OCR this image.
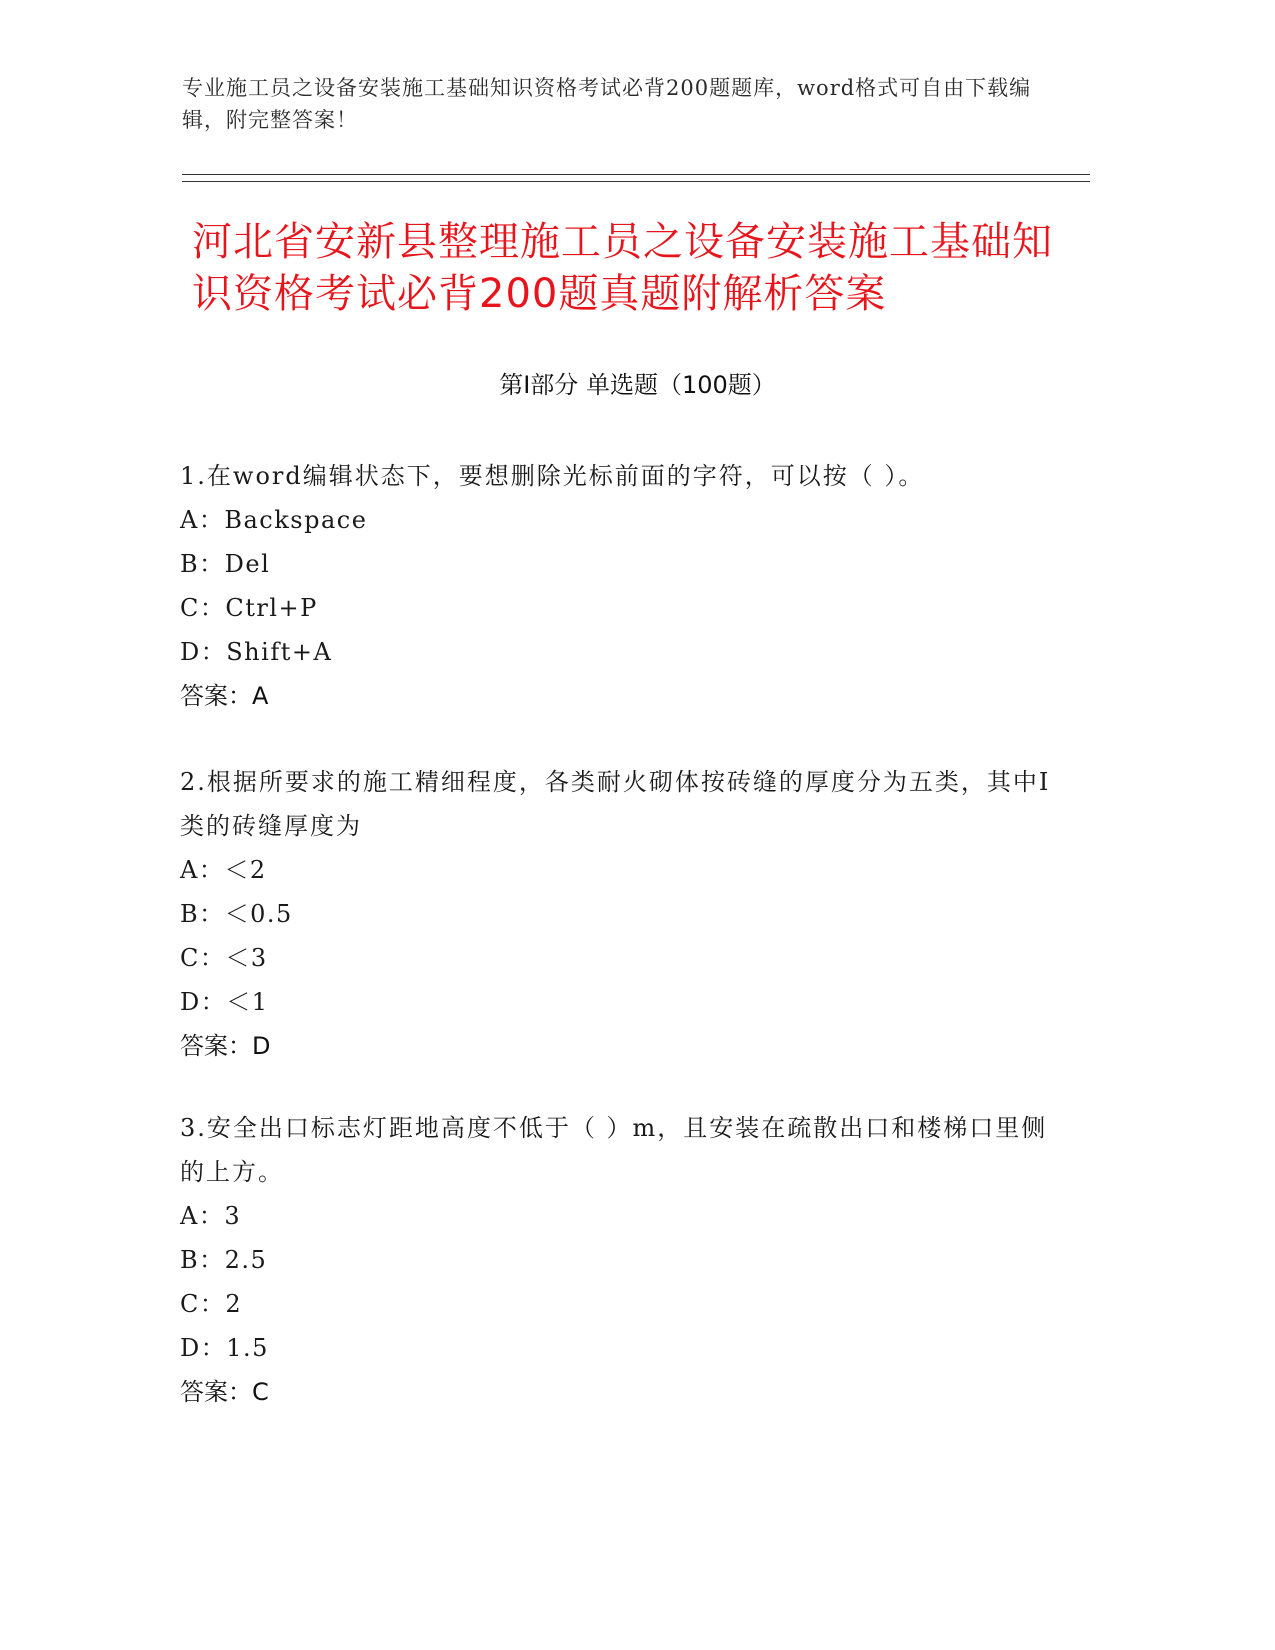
专业施工员之设备安装施工基础知识资格考试必背200题题库，word格式可自由下载编辑，附完整答案！
河北省安新县整理施工员之设备安装施工基础知识资格考试必背200题真题附解析答案
第Ⅰ部分 单选题（100题）
1.在word编辑状态下，要想删除光标前面的字符，可以按（ ）。
A：Backspace
B：Del
C：Ctrl+P
D：Shift+A
答案：A
2.根据所要求的施工精细程度，各类耐火砌体按砖缝的厚度分为五类，其中Ⅰ类的砖缝厚度为
A：＜2
B：＜0.5
C：＜3
D：＜1
答案：D
3.安全出口标志灯距地高度不低于（ ）m，且安装在疏散出口和楼梯口里侧的上方。
A：3
B：2.5
C：2
D：1.5
答案：C
